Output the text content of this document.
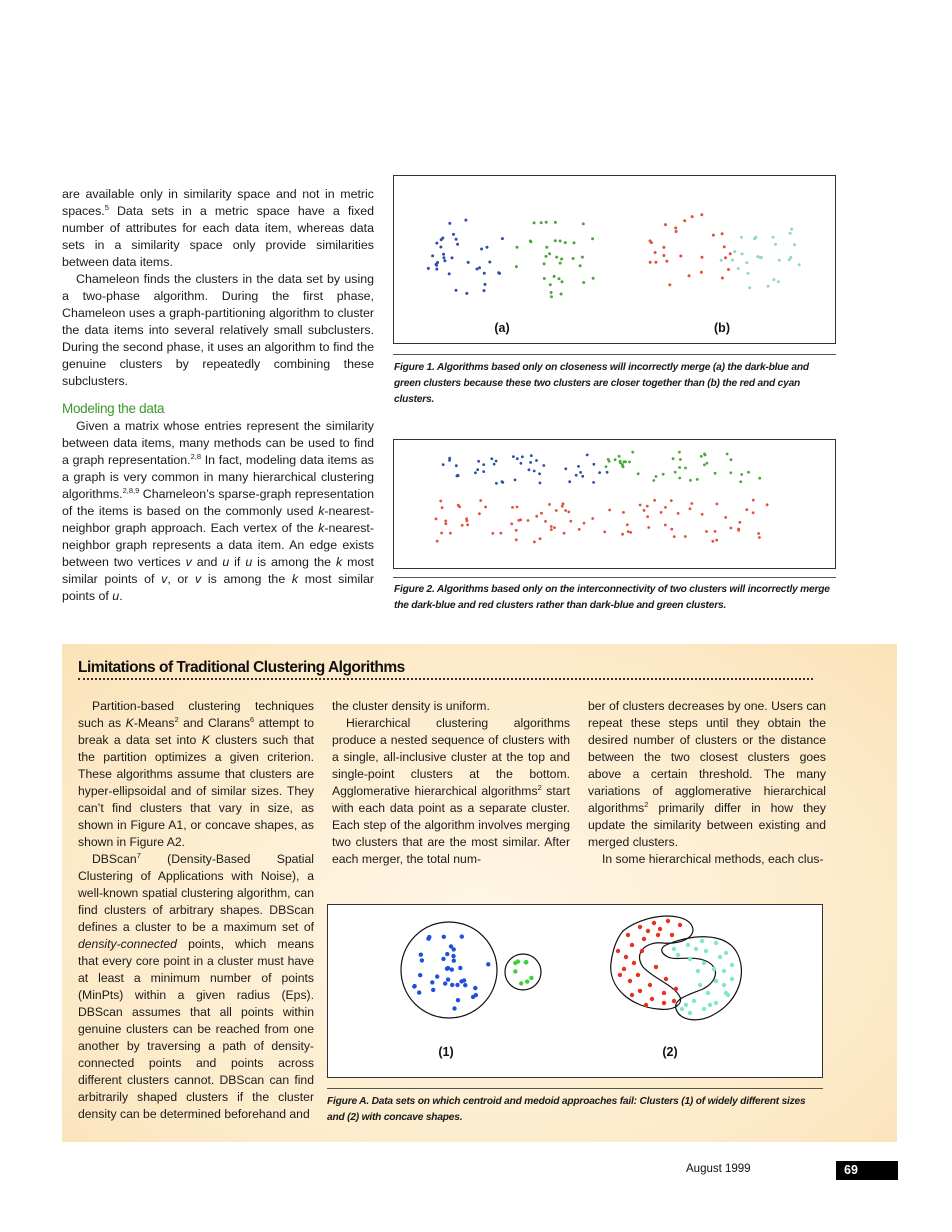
are available only in similarity space and not in metric spaces.$^5$ Data sets in a metric space have a fixed number of attributes for each data item, whereas data sets in a similarity space only provide similarities between data items.

Chameleon finds the clusters in the data set by using a two-phase algorithm. During the first phase, Chameleon uses a graph-partitioning algorithm to cluster the data items into several relatively small subclusters. During the second phase, it uses an algorithm to find the genuine clusters by repeatedly combining these subclusters.

Modeling the data

Given a matrix whose entries represent the similarity between data items, many methods can be used to find a graph representation.$^{2,8}$ In fact, modeling data items as a graph is very common in many hierarchical clustering algorithms.$^{2,8,9}$ Chameleon’s sparse-graph representation of the items is based on the commonly used k-nearest-neighbor graph approach. Each vertex of the k-nearest-neighbor graph represents a data item. An edge exists between two vertices v and u if u is among the k most similar points of v, or v is among the k most similar points of u.

(a)	(b)
Figure 1. Algorithms based only on closeness will incorrectly merge (a) the dark-blue and green clusters because these two clusters are closer together than (b) the red and cyan clusters.
Figure 2. Algorithms based only on the interconnectivity of two clusters will incorrectly merge the dark-blue and red clusters rather than dark-blue and green clusters.
Limitations of Traditional Clustering Algorithms

Partition-based clustering techniques such as K-Means$^2$ and Clarans$^6$ attempt to break a data set into K clusters such that the partition optimizes a given criterion. These algorithms assume that clusters are hyper-ellipsoidal and of similar sizes. They can’t find clusters that vary in size, as shown in Figure A1, or concave shapes, as shown in Figure A2.

DBScan$^7$ (Density-Based Spatial Clustering of Applications with Noise), a well-known spatial clustering algorithm, can find clusters of arbitrary shapes. DBScan defines a cluster to be a maximum set of density-connected points, which means that every core point in a cluster must have at least a minimum number of points (MinPts) within a given radius (Eps). DBScan assumes that all points within genuine clusters can be reached from one another by traversing a path of density-connected points and points across different clusters cannot. DBScan can find arbitrarily shaped clusters if the cluster density can be determined beforehand and

the cluster density is uniform.

Hierarchical clustering algorithms produce a nested sequence of clusters with a single, all-inclusive cluster at the top and single-point clusters at the bottom. Agglomerative hierarchical algorithms$^2$ start with each data point as a separate cluster. Each step of the algorithm involves merging two clusters that are the most similar. After each merger, the total num-

ber of clusters decreases by one. Users can repeat these steps until they obtain the desired number of clusters or the distance between the two closest clusters goes above a certain threshold. The many variations of agglomerative hierarchical algorithms$^2$ primarily differ in how they update the similarity between existing and merged clusters.

In some hierarchical methods, each clus-

(1)	(2)
Figure A. Data sets on which centroid and medoid approaches fail: Clusters (1) of widely different sizes and (2) with concave shapes.
August 1999	69
